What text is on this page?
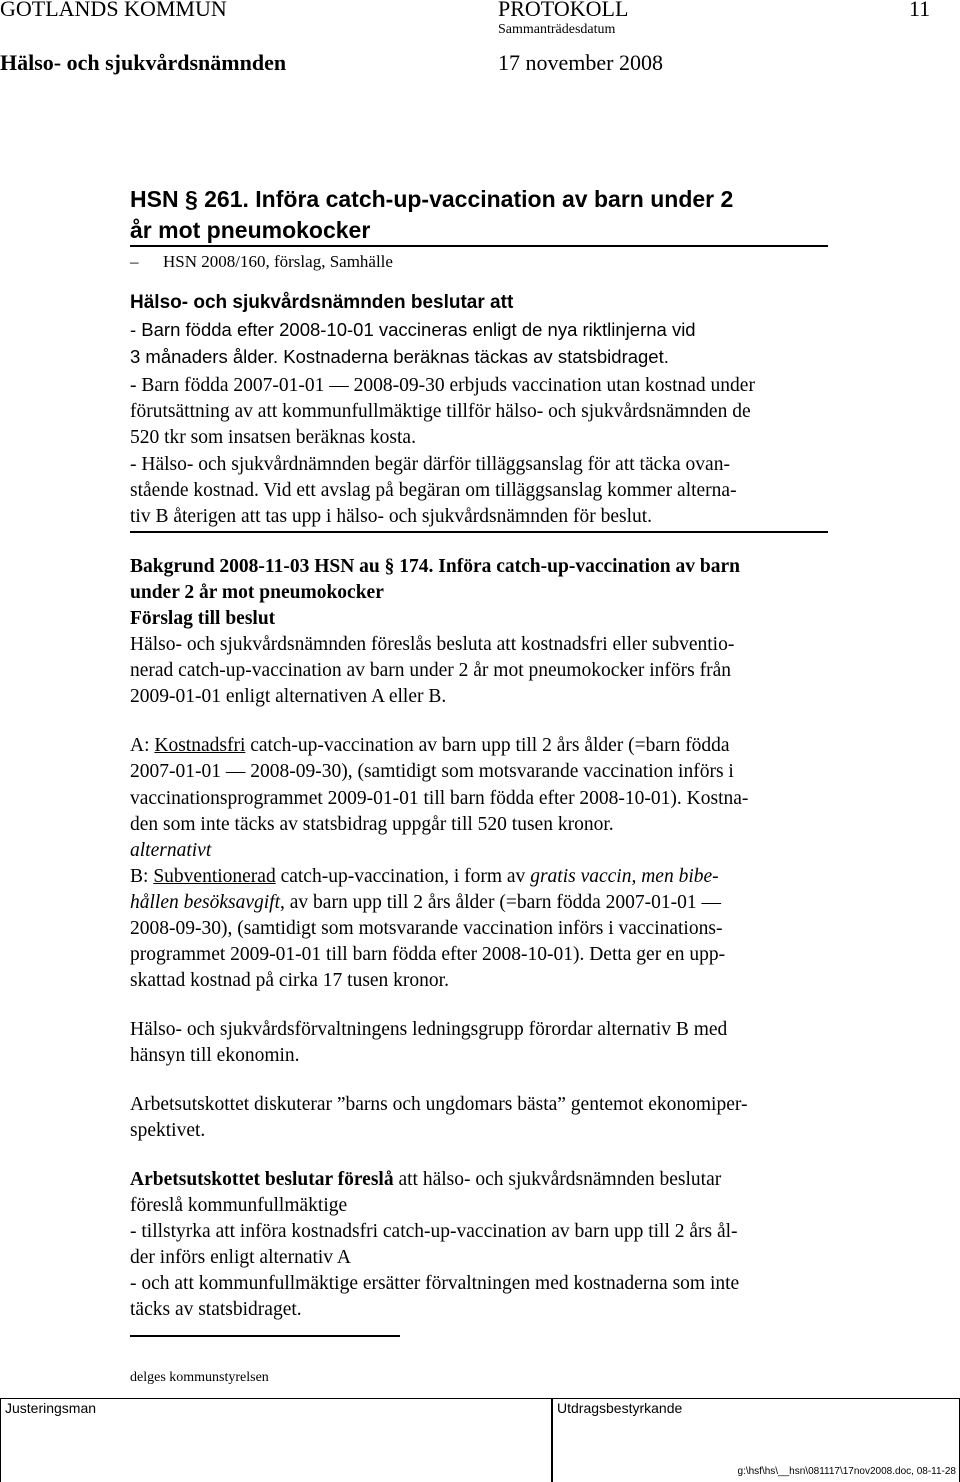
GOTLANDS KOMMUN	PROTOKOLL	11
Sammanträdesdatum
Hälso- och sjukvårdsnämnden	17 november 2008
HSN § 261. Införa catch-up-vaccination av barn under 2
år mot pneumokocker
– HSN 2008/160, förslag, Samhälle
Hälso- och sjukvårdsnämnden beslutar att
- Barn födda efter 2008-10-01 vaccineras enligt de nya riktlinjerna vid
3 månaders ålder. Kostnaderna beräknas täckas av statsbidraget.
- Barn födda 2007-01-01 — 2008-09-30 erbjuds vaccination utan kostnad under
förutsättning av att kommunfullmäktige tillför hälso- och sjukvårdsnämnden de
520 tkr som insatsen beräknas kosta.
- Hälso- och sjukvårdnämnden begär därför tilläggsanslag för att täcka ovan-
stående kostnad. Vid ett avslag på begäran om tilläggsanslag kommer alterna-
tiv B återigen att tas upp i hälso- och sjukvårdsnämnden för beslut.
Bakgrund 2008-11-03 HSN au § 174. Införa catch-up-vaccination av barn
under 2 år mot pneumokocker
Förslag till beslut
Hälso- och sjukvårdsnämnden föreslås besluta att kostnadsfri eller subventio-
nerad catch-up-vaccination av barn under 2 år mot pneumokocker införs från
2009-01-01 enligt alternativen A eller B.
A: Kostnadsfri catch-up-vaccination av barn upp till 2 års ålder (=barn födda
2007-01-01 — 2008-09-30), (samtidigt som motsvarande vaccination införs i
vaccinationsprogrammet 2009-01-01 till barn födda efter 2008-10-01). Kostna-
den som inte täcks av statsbidrag uppgår till 520 tusen kronor.
alternativt
B: Subventionerad catch-up-vaccination, i form av gratis vaccin, men bibe-
hållen besöksavgift, av barn upp till 2 års ålder (=barn födda 2007-01-01 —
2008-09-30), (samtidigt som motsvarande vaccination införs i vaccinations-
programmet 2009-01-01 till barn födda efter 2008-10-01). Detta ger en upp-
skattad kostnad på cirka 17 tusen kronor.
Hälso- och sjukvårdsförvaltningens ledningsgrupp förordar alternativ B med
hänsyn till ekonomin.
Arbetsutskottet diskuterar ”barns och ungdomars bästa” gentemot ekonomiper-
spektivet.
Arbetsutskottet beslutar föreslå att hälso- och sjukvårdsnämnden beslutar
föreslå kommunfullmäktige
- tillstyrka att införa kostnadsfri catch-up-vaccination av barn upp till 2 års ål-
der införs enligt alternativ A
- och att kommunfullmäktige ersätter förvaltningen med kostnaderna som inte
täcks av statsbidraget.
delges kommunstyrelsen
Justeringsman	Utdragsbestyrkande
g:\hsf\hs\__hsn\081117\17nov2008.doc, 08-11-28
